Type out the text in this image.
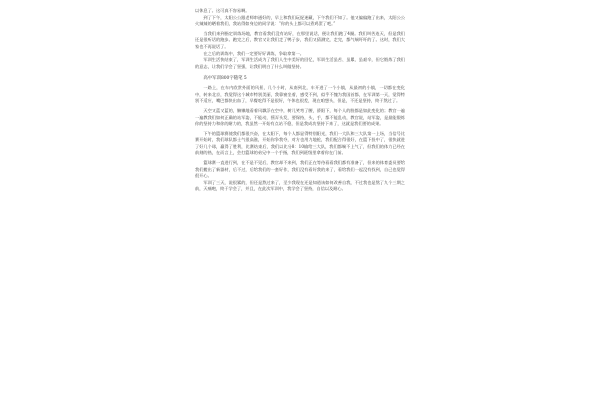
以休息了。这可真不容易啊。

到了下午，太阳公公跟老师串通好的，早上和我们玩捉迷藏，下午我们不知了。他又偏偏跑了出来，太阳公公火辣辣的晒着我们，我站得如身边的同学说：“你的头上都可以煮鸡蛋了吧。”

当我们来到指定训练场地，教官看我们没有站好，在那里说话，便让我们跑了4圈。我们叫苦连天，但是我们还是很听话的跑步。跑完之后，教官又让我们走了鸭子步，我们又猜测完，走完，都气喘吁吁的了。这时，我们大家也不再说话了。

在之后的训练中，我们一定要好好训练，争取拿第一。

军训生活快结束了，军训生活成为了我们人生中美好的回忆，军训生活虽苦、虽累、虽艰辛，但它锻炼了我们的意志，让我们学会了坚强，让我们明白了什么叫做坚持。

高中军训800字随笔 5

一路上，在车内欣赏外面的风景，几个小时，从南到北，车开进了一个小镇，从最初的小镇，一切都在变化中，转来北京，我觉得这个城市特别美丽，我靠窗坐着，感受不到，似乎不愧为我国首都，在军训第一天，觉得特别不适应，嘴巴都快出血了，早餐吃得不是很好，午休也很差，现在咱想头，但是，不还是坚持，终于熬过了。

天空又蓝又蓝的，懒懒地看着风飘浮在空中，树儿笑弯了腰，骄阳下，每个人的脸都是如此变化的；教官一遍一遍教我们如何正确的站军姿，不能动，摇弄头发，要保持，头，手，都不能乱动，教官说，站军姿，是最能锻炼你的坚持力和你的耐力的，我虽然一开始有点站不稳，但是我成功坚持下来了，这就是我们要的成果。

下午的篮球赛使我们都很兴奋，在太阳下，每个人都显得特别阳光，我们一大队和三大队第一上场，当信号比赛开始时，我们球队都士气很高涨，开始你争我夺，对方也用力地抢，我们配合得很好，在篮下投中了，很快就进了好几个球，赢得了胜利，比赛结束后，我们以比分8：10输给三大队，我们都喘不上气了，但我们的体力已经在前刻的热，在而言上，会打篮球的弟兄中一个手指，我们到班级里拿着你在门前。

篮球赛一直进行到，在不是不见后，教官却不来到，我们正在等待看看我们都有准备了，但来的体育委员要给我们搬出了新器材，后不过，后给我们的一套好作，我们没有看好我的来了，看给我们一起没有找到，自己也觉得很开心。

军训了三天，说很累的，但还是熬过来了，至少我现在还是知道该如何改善自我，不过我也是熬了九个三期之前，天痛咆，终于学会了，并且，在此次军训中，我学会了坚持，自信以及耐心。
